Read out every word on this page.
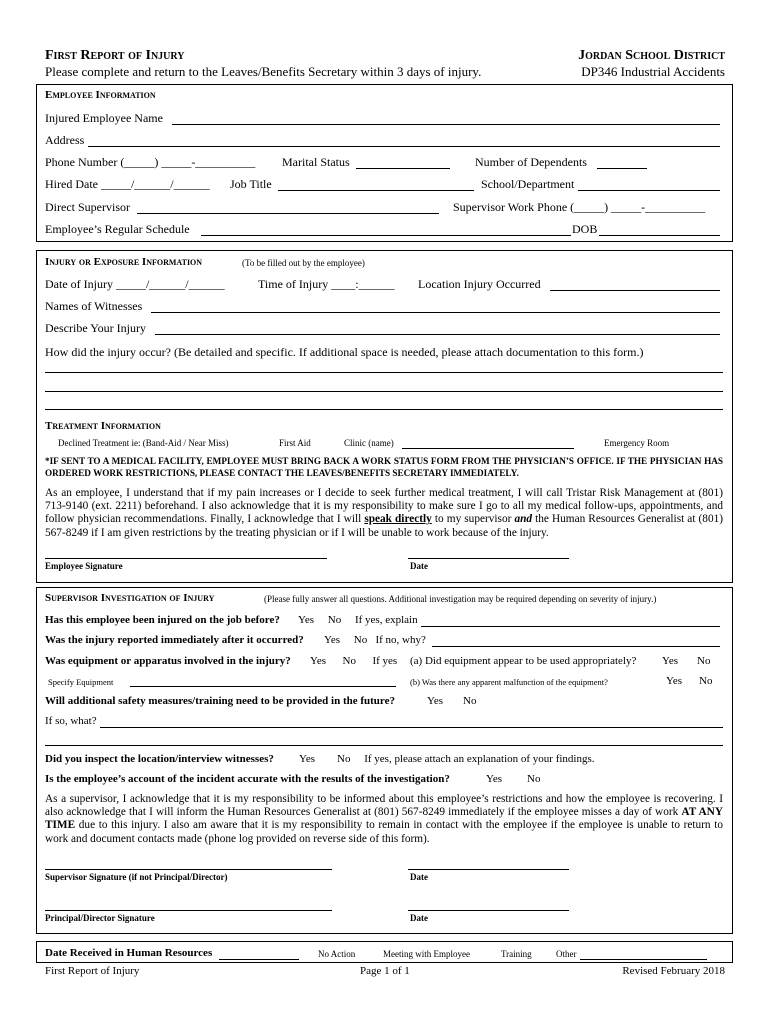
First Report of Injury
Please complete and return to the Leaves/Benefits Secretary within 3 days of injury.
Jordan School District
DP346 Industrial Accidents
Employee Information
Injured Employee Name
Address
Phone Number (_____) _____-__________ Marital Status	Number of Dependents
Hired Date _____/______/______ Job Title	School/Department
Direct Supervisor	Supervisor Work Phone (_____) _____-__________
Employee’s Regular Schedule	DOB
Injury or Exposure Information	(To be filled out by the employee)
Date of Injury _____/______/______	Time of Injury ____:______ Location Injury Occurred
Names of Witnesses
Describe Your Injury
How did the injury occur? (Be detailed and specific. If additional space is needed, please attach documentation to this form.)
Treatment Information
Declined Treatment ie: (Band-Aid / Near Miss)	First Aid	Clinic (name)	Emergency Room
*IF SENT TO A MEDICAL FACILITY, EMPLOYEE MUST BRING BACK A WORK STATUS FORM FROM THE PHYSICIAN’S OFFICE. IF THE PHYSICIAN HAS ORDERED WORK RESTRICTIONS, PLEASE CONTACT THE LEAVES/BENEFITS SECRETARY IMMEDIATELY.
As an employee, I understand that if my pain increases or I decide to seek further medical treatment, I will call Tristar Risk Management at (801) 713-9140 (ext. 2211) beforehand. I also acknowledge that it is my responsibility to make sure I go to all my medical follow-ups, appointments, and follow physician recommendations. Finally, I acknowledge that I will speak directly to my supervisor and the Human Resources Generalist at (801) 567-8249 if I am given restrictions by the treating physician or if I will be unable to work because of the injury.
Employee Signature	Date
Supervisor Investigation of Injury	(Please fully answer all questions. Additional investigation may be required depending on severity of injury.)
Has this employee been injured on the job before? Yes     No     If yes, explain
Was the injury reported immediately after it occurred? Yes     No   If no, why?
Was equipment or apparatus involved in the injury? Yes      No      If yes (a) Did equipment appear to be used appropriately? Yes No
Specify Equipment	(b) Was there any apparent malfunction of the equipment?	Yes No
Will additional safety measures/training need to be provided in the future?	Yes No
If so, what?
Did you inspect the location/interview witnesses? Yes        No     If yes, please attach an explanation of your findings.
Is the employee’s account of the incident accurate with the results of the investigation?	Yes No
As a supervisor, I acknowledge that it is my responsibility to be informed about this employee’s restrictions and how the employee is recovering. I also acknowledge that I will inform the Human Resources Generalist at (801) 567-8249 immediately if the employee misses a day of work AT ANY TIME due to this injury. I also am aware that it is my responsibility to remain in contact with the employee if the employee is unable to return to work and document contacts made (phone log provided on reverse side of this form).
Supervisor Signature (if not Principal/Director)	Date
Principal/Director Signature	Date
Date Received in Human Resources	No Action	Meeting with Employee	Training	Other
First Report of Injury	Page 1 of 1	Revised February 2018
